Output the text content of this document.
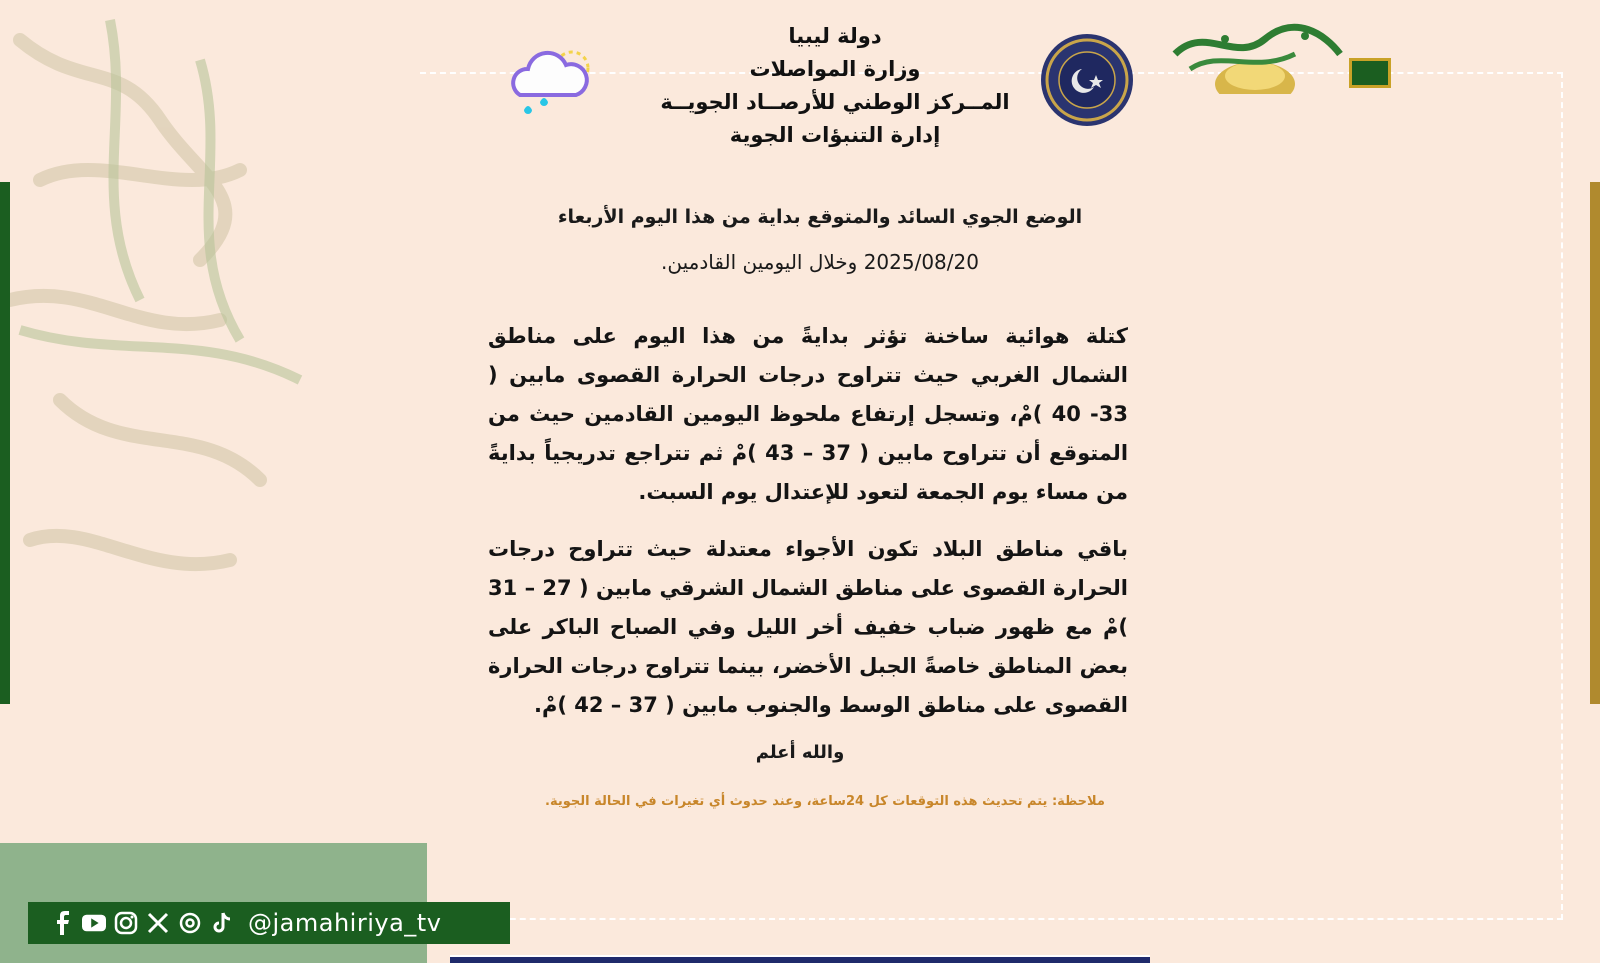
دولة ليبيا
وزارة المواصلات
المــركز الوطني للأرصــاد الجويــة
إدارة التنبؤات الجوية
الوضع الجوي السائد والمتوقع بداية من هذا اليوم الأربعاء
2025/08/20 وخلال اليومين القادمين.
كتلة هوائية ساخنة تؤثر بدايةً من هذا اليوم على مناطق الشمال الغربي حيث تتراوح درجات الحرارة القصوى مابين ( 33- 40 )مْ، وتسجل إرتفاع ملحوظ اليومين القادمين حيث من المتوقع أن تتراوح مابين ( 37 – 43 )مْ ثم تتراجع تدريجياً بدايةً من مساء يوم الجمعة لتعود للإعتدال يوم السبت.
باقي مناطق البلاد تكون الأجواء معتدلة حيث تتراوح درجات الحرارة القصوى على مناطق الشمال الشرقي مابين ( 27 – 31 )مْ مع ظهور ضباب خفيف أخر الليل وفي الصباح الباكر على بعض المناطق خاصةً الجبل الأخضر، بينما تتراوح درجات الحرارة القصوى على مناطق الوسط والجنوب مابين ( 37 – 42 )مْ.
والله أعلم
ملاحظة: يتم تحديث هذه التوقعات كل 24ساعة، وعند حدوث أي تغيرات في الحالة الجوية.
@jamahiriya_tv
